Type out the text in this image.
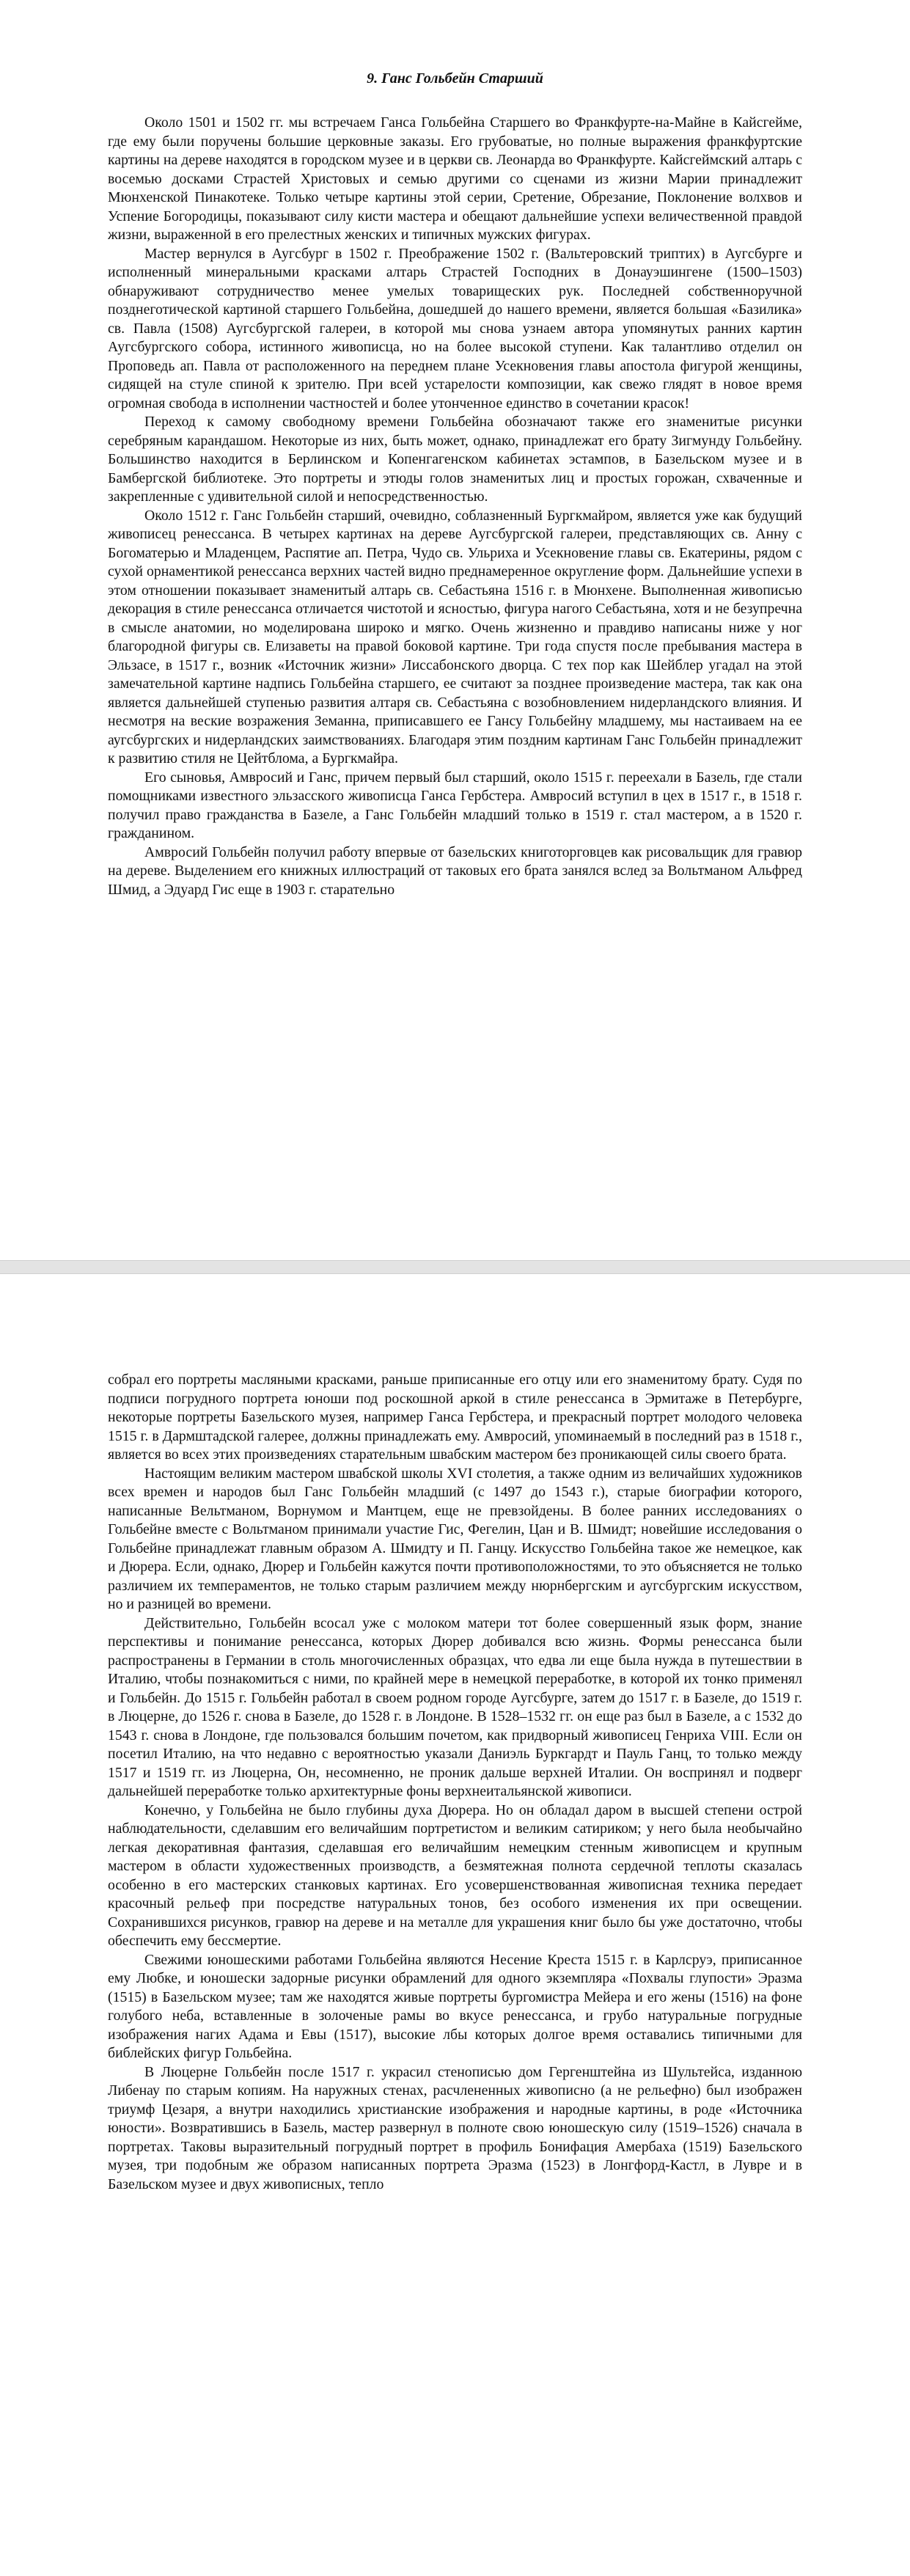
9. Ганс Гольбейн Старший

Около 1501 и 1502 гг. мы встречаем Ганса Гольбейна Старшего во Франкфурте-на-Майне в Кайсгейме, где ему были поручены большие церковные заказы. Его грубоватые, но полные выражения франкфуртские картины на дереве находятся в городском музее и в церкви св. Леонарда во Франкфурте. Кайсгеймский алтарь с восемью досками Страстей Христовых и семью другими со сценами из жизни Марии принадлежит Мюнхенской Пинакотеке. Только четыре картины этой серии, Сретение, Обрезание, Поклонение волхвов и Успение Богородицы, показывают силу кисти мастера и обещают дальнейшие успехи величественной правдой жизни, выраженной в его прелестных женских и типичных мужских фигурах.

Мастер вернулся в Аугсбург в 1502 г. Преображение 1502 г. (Вальтеровский триптих) в Аугсбурге и исполненный минеральными красками алтарь Страстей Господних в Донауэшингене (1500–1503) обнаруживают сотрудничество менее умелых товарищеских рук. Последней собственноручной позднеготической картиной старшего Гольбейна, дошедшей до нашего времени, является большая «Базилика» св. Павла (1508) Аугсбургской галереи, в которой мы снова узнаем автора упомянутых ранних картин Аугсбургского собора, истинного живописца, но на более высокой ступени. Как талантливо отделил он Проповедь ап. Павла от расположенного на переднем плане Усекновения главы апостола фигурой женщины, сидящей на стуле спиной к зрителю. При всей устарелости композиции, как свежо глядят в новое время огромная свобода в исполнении частностей и более утонченное единство в сочетании красок!

Переход к самому свободному времени Гольбейна обозначают также его знаменитые рисунки серебряным карандашом. Некоторые из них, быть может, однако, принадлежат его брату Зигмунду Гольбейну. Большинство находится в Берлинском и Копенгагенском кабинетах эстампов, в Базельском музее и в Бамбергской библиотеке. Это портреты и этюды голов знаменитых лиц и простых горожан, схваченные и закрепленные с удивительной силой и непосредственностью.

Около 1512 г. Ганс Гольбейн старший, очевидно, соблазненный Бургкмайром, является уже как будущий живописец ренессанса. В четырех картинах на дереве Аугсбургской галереи, представляющих св. Анну с Богоматерью и Младенцем, Распятие ап. Петра, Чудо св. Ульриха и Усекновение главы св. Екатерины, рядом с сухой орнаментикой ренессанса верхних частей видно преднамеренное округление форм. Дальнейшие успехи в этом отношении показывает знаменитый алтарь св. Себастьяна 1516 г. в Мюнхене. Выполненная живописью декорация в стиле ренессанса отличается чистотой и ясностью, фигура нагого Себастьяна, хотя и не безупречна в смысле анатомии, но моделирована широко и мягко. Очень жизненно и правдиво написаны ниже у ног благородной фигуры св. Елизаветы на правой боковой картине. Три года спустя после пребывания мастера в Эльзасе, в 1517 г., возник «Источник жизни» Лиссабонского дворца. С тех пор как Шейблер угадал на этой замечательной картине надпись Гольбейна старшего, ее считают за позднее произведение мастера, так как она является дальнейшей ступенью развития алтаря св. Себастьяна с возобновлением нидерландского влияния. И несмотря на веские возражения Земанна, приписавшего ее Гансу Гольбейну младшему, мы настаиваем на ее аугсбургских и нидерландских заимствованиях. Благодаря этим поздним картинам Ганс Гольбейн принадлежит к развитию стиля не Цейтблома, а Бургкмайра.

Его сыновья, Амвросий и Ганс, причем первый был старший, около 1515 г. переехали в Базель, где стали помощниками известного эльзасского живописца Ганса Гербстера. Амвросий вступил в цех в 1517 г., в 1518 г. получил право гражданства в Базеле, а Ганс Гольбейн младший только в 1519 г. стал мастером, а в 1520 г. гражданином.

Амвросий Гольбейн получил работу впервые от базельских книготорговцев как рисовальщик для гравюр на дереве. Выделением его книжных иллюстраций от таковых его брата занялся вслед за Вольтманом Альфред Шмид, а Эдуард Гис еще в 1903 г. старательно

собрал его портреты масляными красками, раньше приписанные его отцу или его знаменитому брату. Судя по подписи погрудного портрета юноши под роскошной аркой в стиле ренессанса в Эрмитаже в Петербурге, некоторые портреты Базельского музея, например Ганса Гербстера, и прекрасный портрет молодого человека 1515 г. в Дармштадской галерее, должны принадлежать ему. Амвросий, упоминаемый в последний раз в 1518 г., является во всех этих произведениях старательным швабским мастером без проникающей силы своего брата.

Настоящим великим мастером швабской школы XVI столетия, а также одним из величайших художников всех времен и народов был Ганс Гольбейн младший (с 1497 до 1543 г.), старые биографии которого, написанные Вельтманом, Ворнумом и Мантцем, еще не превзойдены. В более ранних исследованиях о Гольбейне вместе с Вольтманом принимали участие Гис, Фегелин, Цан и В. Шмидт; новейшие исследования о Гольбейне принадлежат главным образом А. Шмидту и П. Ганцу. Искусство Гольбейна такое же немецкое, как и Дюрера. Если, однако, Дюрер и Гольбейн кажутся почти противоположностями, то это объясняется не только различием их темпераментов, не только старым различием между нюрнбергским и аугсбургским искусством, но и разницей во времени.

Действительно, Гольбейн всосал уже с молоком матери тот более совершенный язык форм, знание перспективы и понимание ренессанса, которых Дюрер добивался всю жизнь. Формы ренессанса были распространены в Германии в столь многочисленных образцах, что едва ли еще была нужда в путешествии в Италию, чтобы познакомиться с ними, по крайней мере в немецкой переработке, в которой их тонко применял и Гольбейн. До 1515 г. Гольбейн работал в своем родном городе Аугсбурге, затем до 1517 г. в Базеле, до 1519 г. в Люцерне, до 1526 г. снова в Базеле, до 1528 г. в Лондоне. В 1528–1532 гг. он еще раз был в Базеле, а с 1532 до 1543 г. снова в Лондоне, где пользовался большим почетом, как придворный живописец Генриха VIII. Если он посетил Италию, на что недавно с вероятностью указали Даниэль Буркгардт и Пауль Ганц, то только между 1517 и 1519 гг. из Люцерна, Он, несомненно, не проник дальше верхней Италии. Он воспринял и подверг дальнейшей переработке только архитектурные фоны верхнеитальянской живописи.

Конечно, у Гольбейна не было глубины духа Дюрера. Но он обладал даром в высшей степени острой наблюдательности, сделавшим его величайшим портретистом и великим сатириком; у него была необычайно легкая декоративная фантазия, сделавшая его величайшим немецким стенным живописцем и крупным мастером в области художественных производств, а безмятежная полнота сердечной теплоты сказалась особенно в его мастерских станковых картинах. Его усовершенствованная живописная техника передает красочный рельеф при посредстве натуральных тонов, без особого изменения их при освещении. Сохранившихся рисунков, гравюр на дереве и на металле для украшения книг было бы уже достаточно, чтобы обеспечить ему бессмертие.

Свежими юношескими работами Гольбейна являются Несение Креста 1515 г. в Карлсруэ, приписанное ему Любке, и юношески задорные рисунки обрамлений для одного экземпляра «Похвалы глупости» Эразма (1515) в Базельском музее; там же находятся живые портреты бургомистра Мейера и его жены (1516) на фоне голубого неба, вставленные в золоченые рамы во вкусе ренессанса, и грубо натуральные погрудные изображения нагих Адама и Евы (1517), высокие лбы которых долгое время оставались типичными для библейских фигур Гольбейна.

В Люцерне Гольбейн после 1517 г. украсил стенописью дом Гергенштейна из Шультейса, изданною Либенау по старым копиям. На наружных стенах, расчлененных живописно (а не рельефно) был изображен триумф Цезаря, а внутри находились христианские изображения и народные картины, в роде «Источника юности». Возвратившись в Базель, мастер развернул в полноте свою юношескую силу (1519–1526) сначала в портретах. Таковы выразительный погрудный портрет в профиль Бонифация Амербаха (1519) Базельского музея, три подобным же образом написанных портрета Эразма (1523) в Лонгфорд-Кастл, в Лувре и в Базельском музее и двух живописных, тепло
